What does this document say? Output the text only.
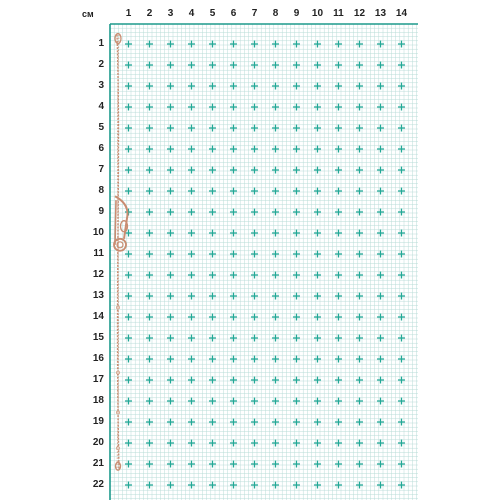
см	1	2	3	4	5	6	7	8	9	10	11	12 13 14
1
2
3
4
5
6
7
8
9
10
11
12
13
14
15
16
17
18
19
20
21
22
